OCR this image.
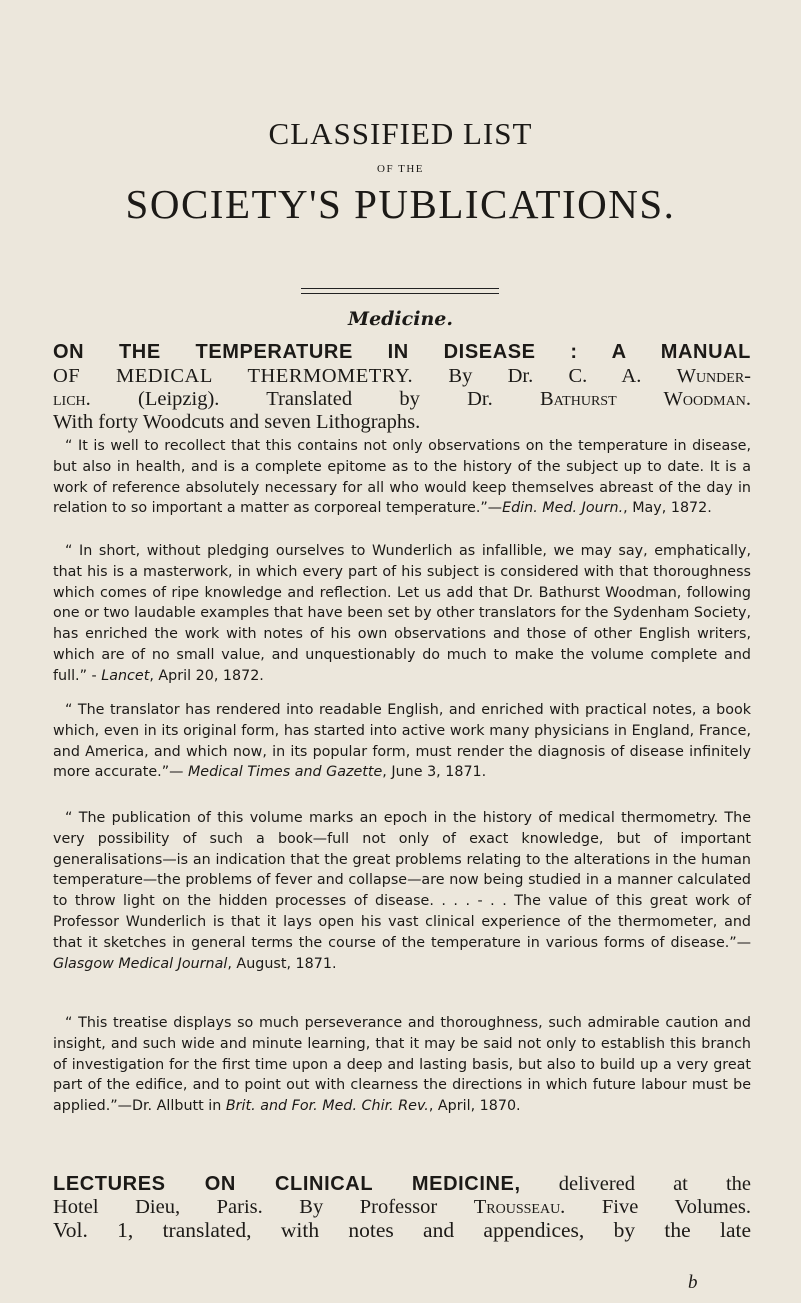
CLASSIFIED LIST
OF THE
SOCIETY'S PUBLICATIONS.
Medicine.
ON THE TEMPERATURE IN DISEASE : A MANUAL
OF MEDICAL THERMOMETRY. By Dr. C. A. Wunder-
lich. (Leipzig). Translated by Dr. Bathurst Woodman.
With forty Woodcuts and seven Lithographs.
“ It is well to recollect that this contains not only observations on the temperature in disease, but also in health, and is a complete epitome as to the history of the subject up to date. It is a work of reference absolutely necessary for all who would keep themselves abreast of the day in relation to so important a matter as corporeal temperature.”—Edin. Med. Journ., May, 1872.
“ In short, without pledging ourselves to Wunderlich as infallible, we may say, emphatically, that his is a masterwork, in which every part of his subject is considered with that thoroughness which comes of ripe knowledge and reflection. Let us add that Dr. Bathurst Woodman, following one or two laudable examples that have been set by other translators for the Sydenham Society, has enriched the work with notes of his own observations and those of other English writers, which are of no small value, and unquestionably do much to make the volume complete and full.” - Lancet, April 20, 1872.
“ The translator has rendered into readable English, and enriched with practical notes, a book which, even in its original form, has started into active work many physicians in England, France, and America, and which now, in its popular form, must render the diagnosis of disease infinitely more accurate.”— Medical Times and Gazette, June 3, 1871.
“ The publication of this volume marks an epoch in the history of medical thermometry. The very possibility of such a book—full not only of exact knowledge, but of important generalisations—is an indication that the great problems relating to the alterations in the human temperature—the problems of fever and collapse—are now being studied in a manner calculated to throw light on the hidden processes of disease. . . . - . . The value of this great work of Professor Wunderlich is that it lays open his vast clinical experience of the thermometer, and that it sketches in general terms the course of the temperature in various forms of disease.”—Glasgow Medical Journal, August, 1871.
“ This treatise displays so much perseverance and thoroughness, such admirable caution and insight, and such wide and minute learning, that it may be said not only to establish this branch of investigation for the first time upon a deep and lasting basis, but also to build up a very great part of the edifice, and to point out with clearness the directions in which future labour must be applied.”—Dr. Allbutt in Brit. and For. Med. Chir. Rev., April, 1870.
LECTURES ON CLINICAL MEDICINE, delivered at the
Hotel Dieu, Paris. By Professor Trousseau. Five Volumes.
Vol. 1, translated, with notes and appendices, by the late
b
